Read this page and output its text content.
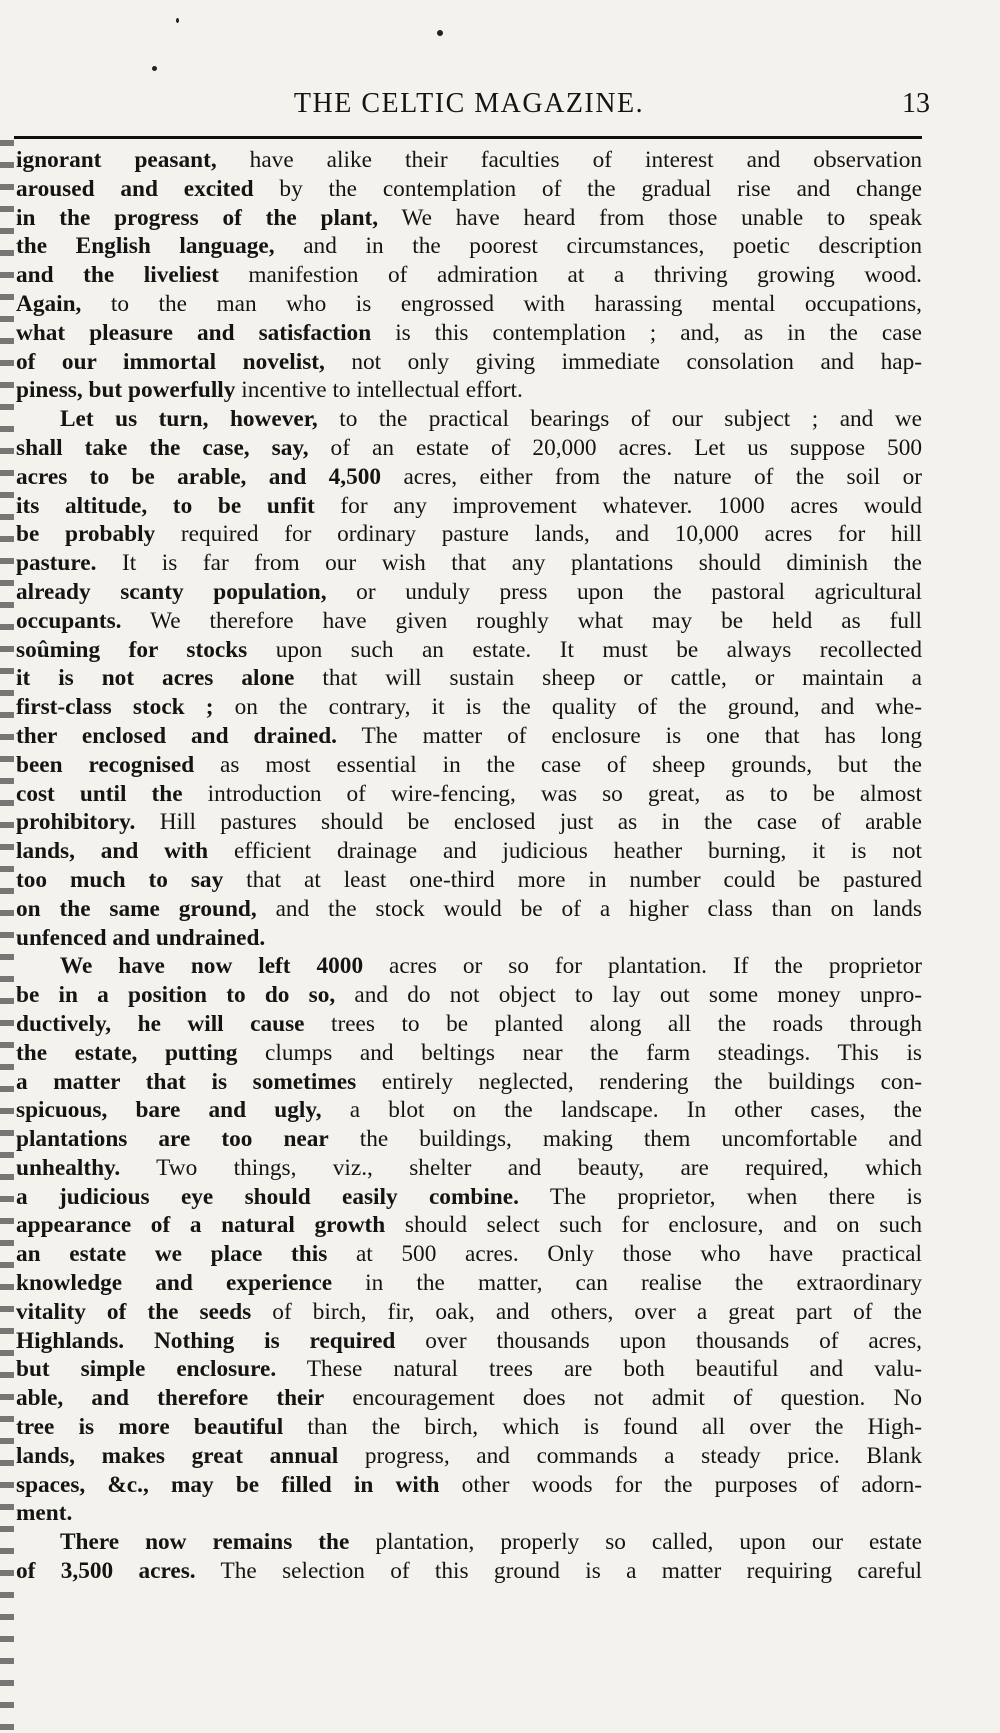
THE CELTIC MAGAZINE.	13
ignorant peasant, have alike their faculties of interest and observation
aroused and excited by the contemplation of the gradual rise and change
in the progress of the plant, We have heard from those unable to speak
the English language, and in the poorest circumstances, poetic description
and the liveliest manifestion of admiration at a thriving growing wood.
Again, to the man who is engrossed with harassing mental occupations,
what pleasure and satisfaction is this contemplation ; and, as in the case
of our immortal novelist, not only giving immediate consolation and hap-
piness, but powerfully incentive to intellectual effort.
Let us turn, however, to the practical bearings of our subject ; and we
shall take the case, say, of an estate of 20,000 acres. Let us suppose 500
acres to be arable, and 4,500 acres, either from the nature of the soil or
its altitude, to be unfit for any improvement whatever. 1000 acres would
be probably required for ordinary pasture lands, and 10,000 acres for hill
pasture. It is far from our wish that any plantations should diminish the
already scanty population, or unduly press upon the pastoral agricultural
occupants. We therefore have given roughly what may be held as full
soûming for stocks upon such an estate. It must be always recollected
it is not acres alone that will sustain sheep or cattle, or maintain a
first-class stock ; on the contrary, it is the quality of the ground, and whe-
ther enclosed and drained. The matter of enclosure is one that has long
been recognised as most essential in the case of sheep grounds, but the
cost until the introduction of wire-fencing, was so great, as to be almost
prohibitory. Hill pastures should be enclosed just as in the case of arable
lands, and with efficient drainage and judicious heather burning, it is not
too much to say that at least one-third more in number could be pastured
on the same ground, and the stock would be of a higher class than on lands
unfenced and undrained.
We have now left 4000 acres or so for plantation. If the proprietor
be in a position to do so, and do not object to lay out some money unpro-
ductively, he will cause trees to be planted along all the roads through
the estate, putting clumps and beltings near the farm steadings. This is
a matter that is sometimes entirely neglected, rendering the buildings con-
spicuous, bare and ugly, a blot on the landscape. In other cases, the
plantations are too near the buildings, making them uncomfortable and
unhealthy. Two things, viz., shelter and beauty, are required, which
a judicious eye should easily combine. The proprietor, when there is
appearance of a natural growth should select such for enclosure, and on such
an estate we place this at 500 acres. Only those who have practical
knowledge and experience in the matter, can realise the extraordinary
vitality of the seeds of birch, fir, oak, and others, over a great part of the
Highlands. Nothing is required over thousands upon thousands of acres,
but simple enclosure. These natural trees are both beautiful and valu-
able, and therefore their encouragement does not admit of question. No
tree is more beautiful than the birch, which is found all over the High-
lands, makes great annual progress, and commands a steady price. Blank
spaces, &c., may be filled in with other woods for the purposes of adorn-
ment.
There now remains the plantation, properly so called, upon our estate
of 3,500 acres. The selection of this ground is a matter requiring careful
